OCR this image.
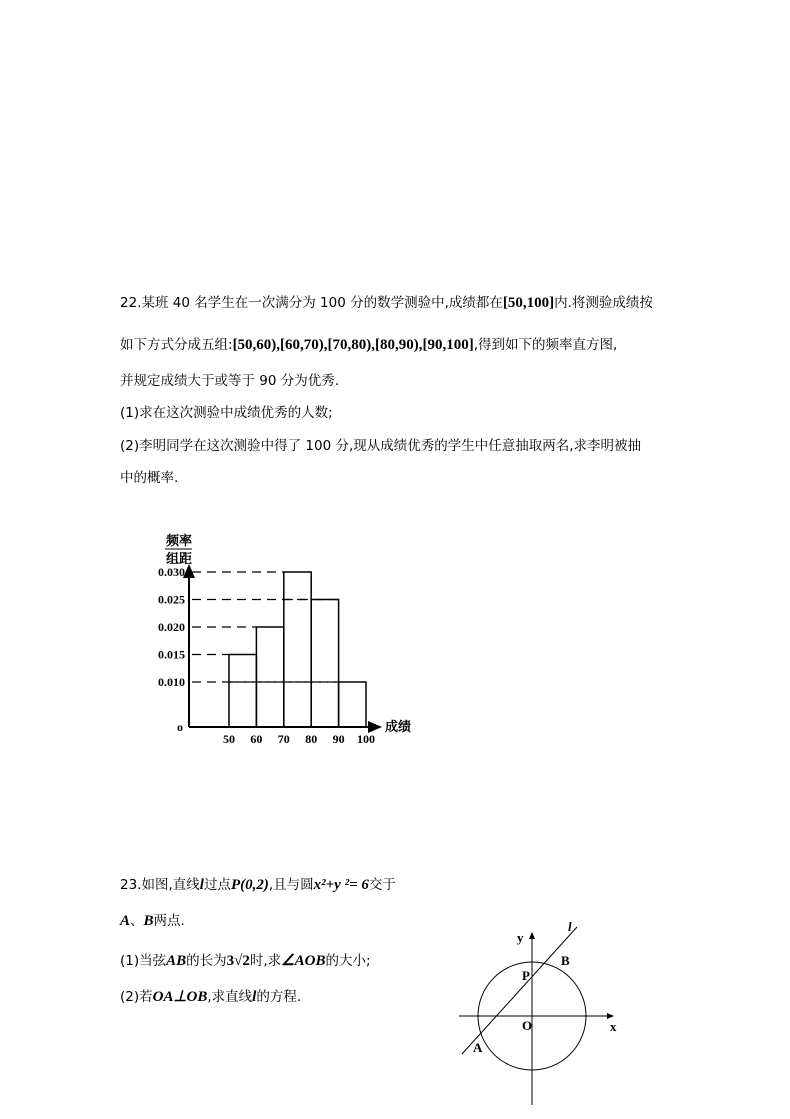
22.某班 40 名学生在一次满分为 100 分的数学测验中,成绩都在[50,100]内.将测验成绩按
如下方式分成五组:[50,60),[60,70),[70,80),[80,90),[90,100],得到如下的频率直方图,
并规定成绩大于或等于 90 分为优秀.
(1)求在这次测验中成绩优秀的人数;
(2)李明同学在这次测验中得了 100 分,现从成绩优秀的学生中任意抽取两名,求李明被抽
中的概率.
频率
组距
o	成绩
0.010
0.015
0.020
0.025
0.030
50 60 70 80 90 100
23.如图,直线l过点P(0,2),且与圆x²+y ²= 6交于
A、B两点.
(1)当弦AB的长为3√2时,求∠AOB的大小;
(2)若OA⊥OB,求直线l的方程.
y
l
B
P
O	x
A
